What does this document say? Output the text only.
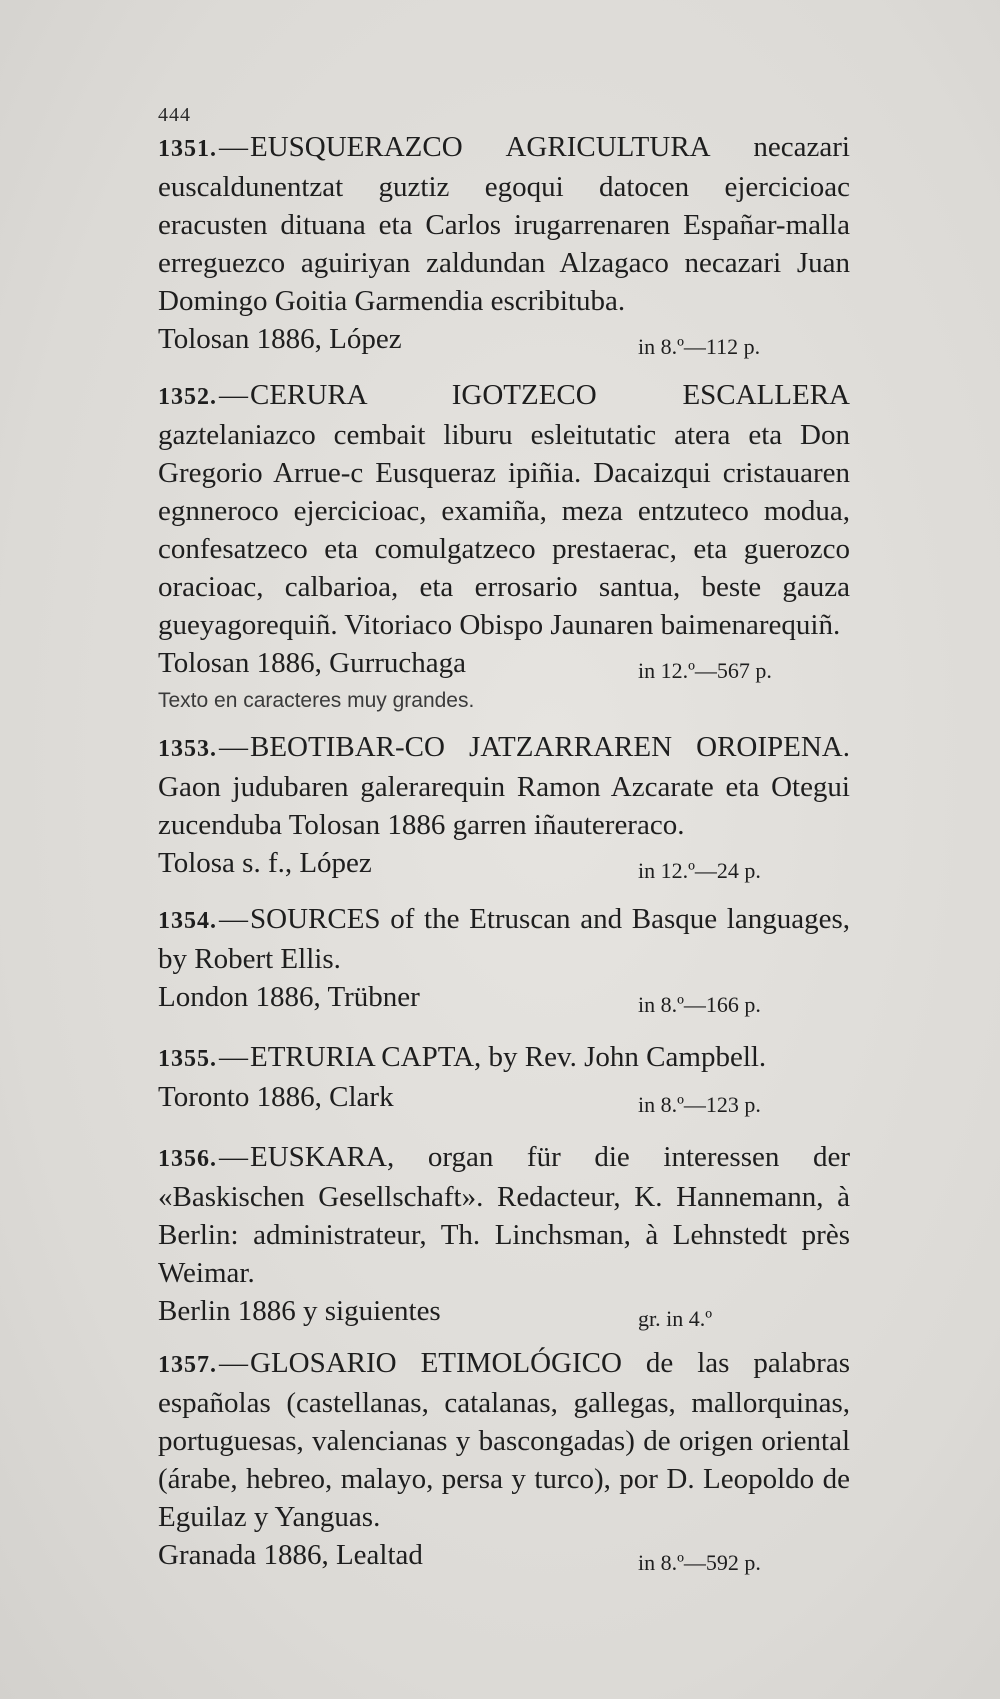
444
1351.—EUSQUERAZCO AGRICULTURA necazari euscaldunentzat guztiz egoqui datocen ejercicioac eracusten dituana eta Carlos irugarrenaren Españar-malla erreguezco aguiriyan zaldundan Alzagaco necazari Juan Domingo Goitia Garmendia escribituba.
Tolosan 1886, López	in 8.º—112 p.
1352.—CERURA IGOTZECO ESCALLERA gaztelaniazco cembait liburu esleitutatic atera eta Don Gregorio Arrue-c Eusqueraz ipiñia. Dacaizqui cristauaren egnneroco ejercicioac, examiña, meza entzuteco modua, confesatzeco eta comulgatzeco prestaerac, eta guerozco oracioac, calbarioa, eta errosario santua, beste gauza gueyagorequiñ. Vitoriaco Obispo Jaunaren baimenarequiñ.
Tolosan 1886, Gurruchaga	in 12.º—567 p.
Texto en caracteres muy grandes.
1353.—BEOTIBAR-CO JATZARRAREN OROIPENA. Gaon judubaren galerarequin Ramon Azcarate eta Otegui zucenduba Tolosan 1886 garren iñautereraco.
Tolosa s. f., López	in 12.º—24 p.
1354.—SOURCES of the Etruscan and Basque languages, by Robert Ellis.
London 1886, Trübner	in 8.º—166 p.
1355.—ETRURIA CAPTA, by Rev. John Campbell.
Toronto 1886, Clark	in 8.º—123 p.
1356.—EUSKARA, organ für die interessen der «Baskischen Gesellschaft». Redacteur, K. Hannemann, à Berlin: administrateur, Th. Linchsman, à Lehnstedt près Weimar.
Berlin 1886 y siguientes	gr. in 4.º
1357.—GLOSARIO ETIMOLÓGICO de las palabras españolas (castellanas, catalanas, gallegas, mallorquinas, portuguesas, valencianas y bascongadas) de origen oriental (árabe, hebreo, malayo, persa y turco), por D. Leopoldo de Eguilaz y Yanguas.
Granada 1886, Lealtad	in 8.º—592 p.
